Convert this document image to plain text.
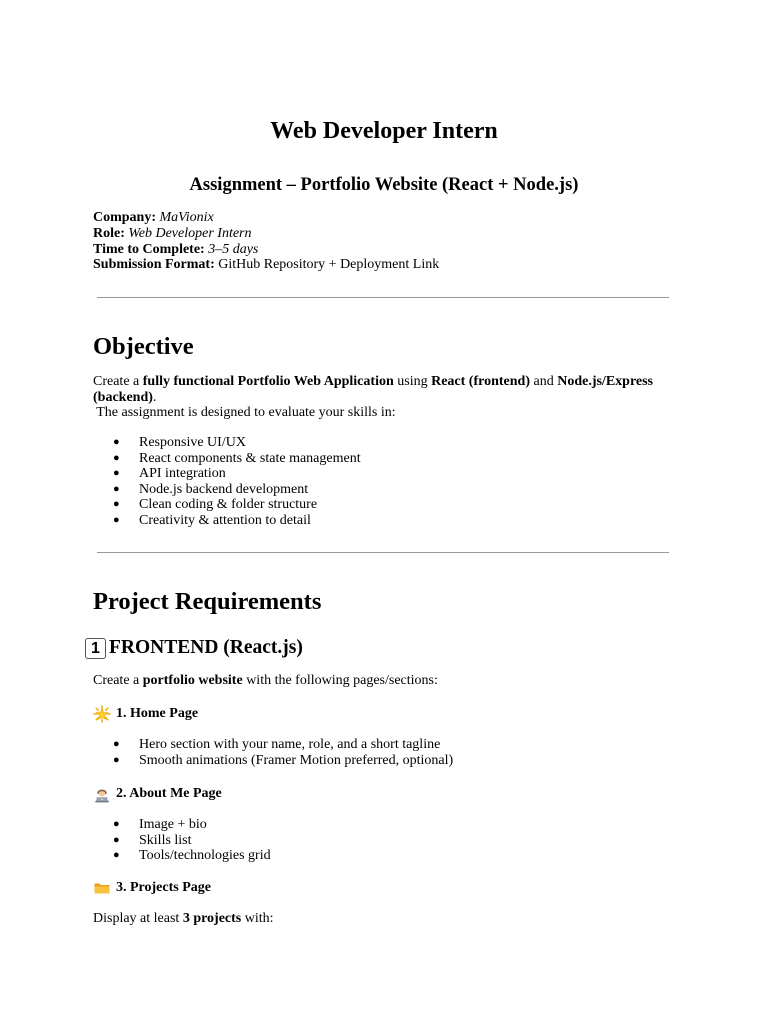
Web Developer Intern
Assignment – Portfolio Website (React + Node.js)
Company: MaVionix
Role: Web Developer Intern
Time to Complete: 3–5 days
Submission Format: GitHub Repository + Deployment Link
Objective
Create a fully functional Portfolio Web Application using React (frontend) and Node.js/Express (backend).
The assignment is designed to evaluate your skills in:
● Responsive UI/UX
● React components & state management
● API integration
● Node.js backend development
● Clean coding & folder structure
● Creativity & attention to detail
Project Requirements
1 FRONTEND (React.js)
Create a portfolio website with the following pages/sections:
1. Home Page
● Hero section with your name, role, and a short tagline
● Smooth animations (Framer Motion preferred, optional)
2. About Me Page
● Image + bio
● Skills list
● Tools/technologies grid
3. Projects Page
Display at least 3 projects with:
